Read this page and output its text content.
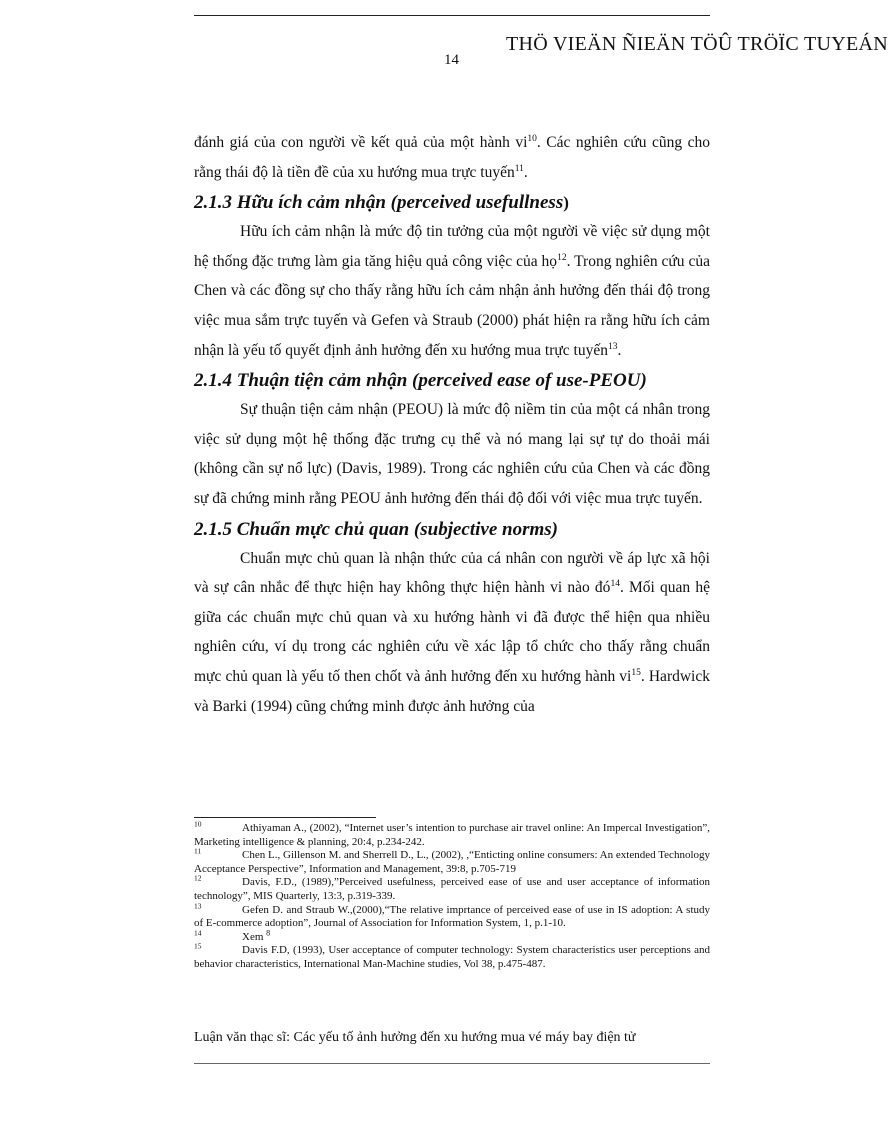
THÖ VIEÄN ÑIEÄN TÖÛ TRÖÏC TUYEÁN
14

đánh giá của con người về kết quả của một hành $vi^{10}$. Các nghiên cứu cũng cho rằng thái độ là tiền đề của xu hướng mua trực tuyến$^{11}$.

2.1.3 Hữu ích cảm nhận (perceived usefullness)

Hữu ích cảm nhận là mức độ tin tưởng của một người về việc sử dụng một hệ thống đặc trưng làm gia tăng hiệu quả công việc của họ$^{12}$. Trong nghiên cứu của Chen và các đồng sự cho thấy rằng hữu ích cảm nhận ảnh hưởng đến thái độ trong việc mua sắm trực tuyến và Gefen và Straub (2000) phát hiện ra rằng hữu ích cảm nhận là yếu tố quyết định ảnh hưởng đến xu hướng mua trực tuyến$^{13}$.

2.1.4 Thuận tiện cảm nhận (perceived ease of use-PEOU)

Sự thuận tiện cảm nhận (PEOU) là mức độ niềm tin của một cá nhân trong việc sử dụng một hệ thống đặc trưng cụ thể và nó mang lại sự tự do thoải mái (không cần sự nổ lực) (Davis, 1989). Trong các nghiên cứu của Chen và các đồng sự đã chứng minh rằng PEOU ảnh hưởng đến thái độ đối với việc mua trực tuyến.

2.1.5 Chuẩn mực chủ quan (subjective norms)

Chuẩn mực chủ quan là nhận thức của cá nhân con người về áp lực xã hội và sự cân nhắc để thực hiện hay không thực hiện hành vi nào $đó^{14}$. Mối quan hệ giữa các chuẩn mực chủ quan và xu hướng hành vi đã được thể hiện qua nhiều nghiên cứu, ví dụ trong các nghiên cứu về xác lập tổ chức cho thấy rằng chuẩn mực chủ quan là yếu tố then chốt và ảnh hưởng đến xu hướng hành $vi^{15}$. Hardwick và Barki (1994) cũng chứng minh được ảnh hưởng của

$^{10}$	Athiyaman A., (2002), “Internet user’s intention to purchase air travel online: An Impercal Investigation”, Marketing intelligence & planning, 20:4, p.234-242.

$^{11}$	Chen L., Gillenson M. and Sherrell D., L., (2002), ,“Enticting online consumers: An extended Technology Acceptance Perspective”, Information and Management, 39:8, p.705-719

$^{12}$	Davis, F.D., (1989),”Perceived usefulness, perceived ease of use and user acceptance of information technology”, MIS Quarterly, 13:3, p.319-339.

$^{13}$	Gefen D. and Straub W.,(2000),“The relative imprtance of perceived ease of use in IS adoption: A study of E-commerce adoption”, Journal of Association for Information System, 1, p.1-10.

$^{14}$	Xem $^8$

$^{15}$	Davis F.D, (1993), User acceptance of computer technology: System characteristics user perceptions and behavior characteristics, International Man-Machine studies, Vol 38, p.475-487.

Luận văn thạc sĩ: Các yếu tố ảnh hưởng đến xu hướng mua vé máy bay điện tử
